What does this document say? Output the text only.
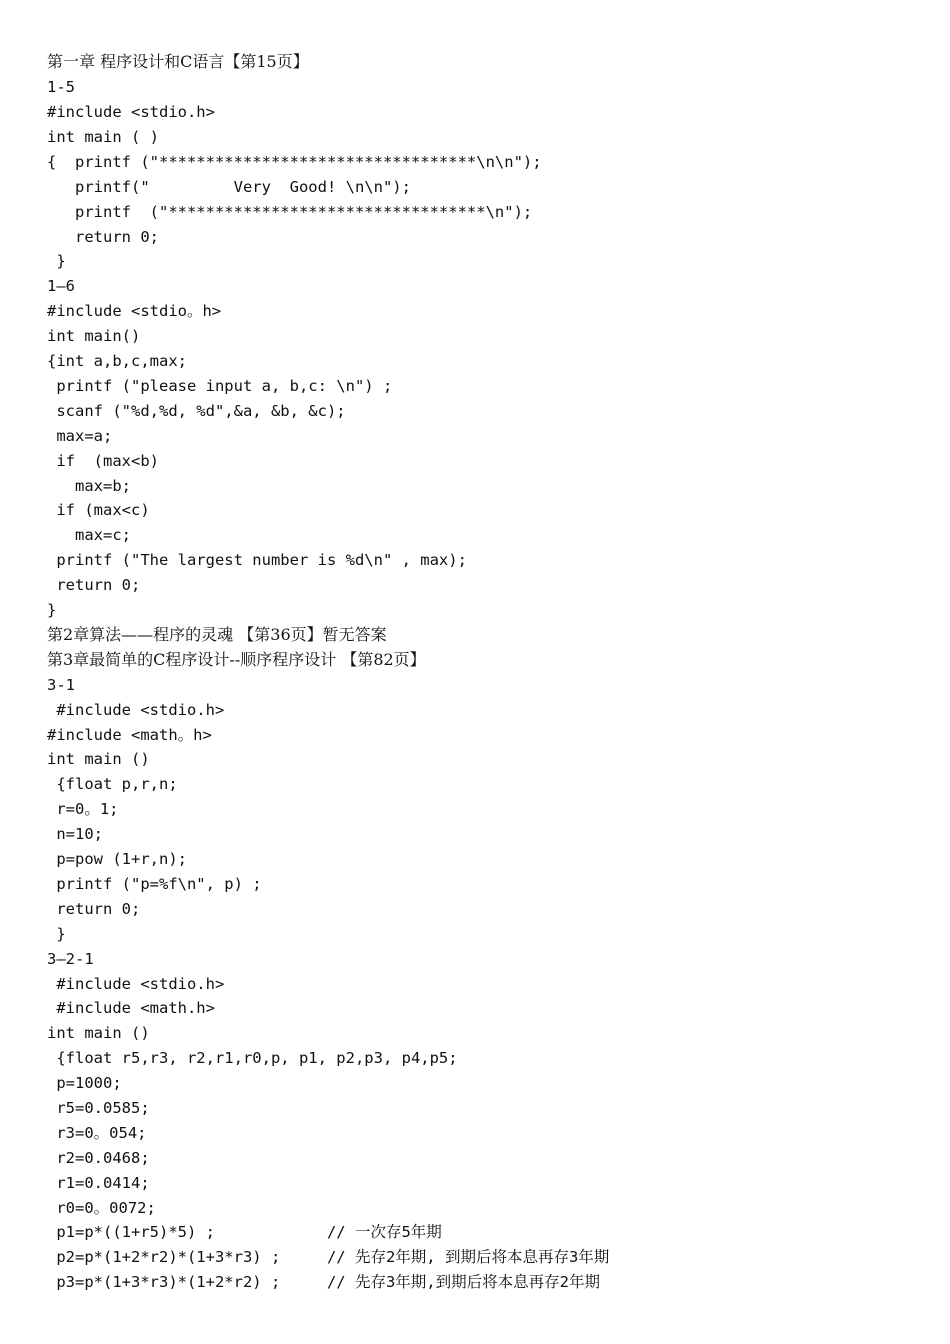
第一章 程序设计和C语言【第15页】
1-5
#include <stdio.h>
int main ( )
{  printf ("**********************************\n\n");
printf("         Very  Good! \n\n");
printf  ("**********************************\n");
return 0;
}
1—6
#include <stdio。h>
int main()
{int a,b,c,max;
printf ("please input a, b,c: \n") ;
scanf ("%d,%d, %d",&a, &b, &c);
max=a;
if  (max<b)
max=b;
if (max<c)
max=c;
printf ("The largest number is %d\n" , max);
return 0;
}
第2章算法——程序的灵魂 【第36页】暂无答案
第3章最简单的C程序设计--顺序程序设计 【第82页】
3-1
#include <stdio.h>
#include <math。h>
int main ()
{float p,r,n;
r=0。1;
n=10;
p=pow (1+r,n);
printf ("p=%f\n", p) ;
return 0;
}
3—2-1
#include <stdio.h>
#include <math.h>
int main ()
{float r5,r3, r2,r1,r0,p, p1, p2,p3, p4,p5;
p=1000;
r5=0.0585;
r3=0。054;
r2=0.0468;
r1=0.0414;
r0=0。0072;
p1=p*((1+r5)*5) ;            // 一次存5年期
p2=p*(1+2*r2)*(1+3*r3) ;     // 先存2年期, 到期后将本息再存3年期
p3=p*(1+3*r3)*(1+2*r2) ;     // 先存3年期,到期后将本息再存2年期
